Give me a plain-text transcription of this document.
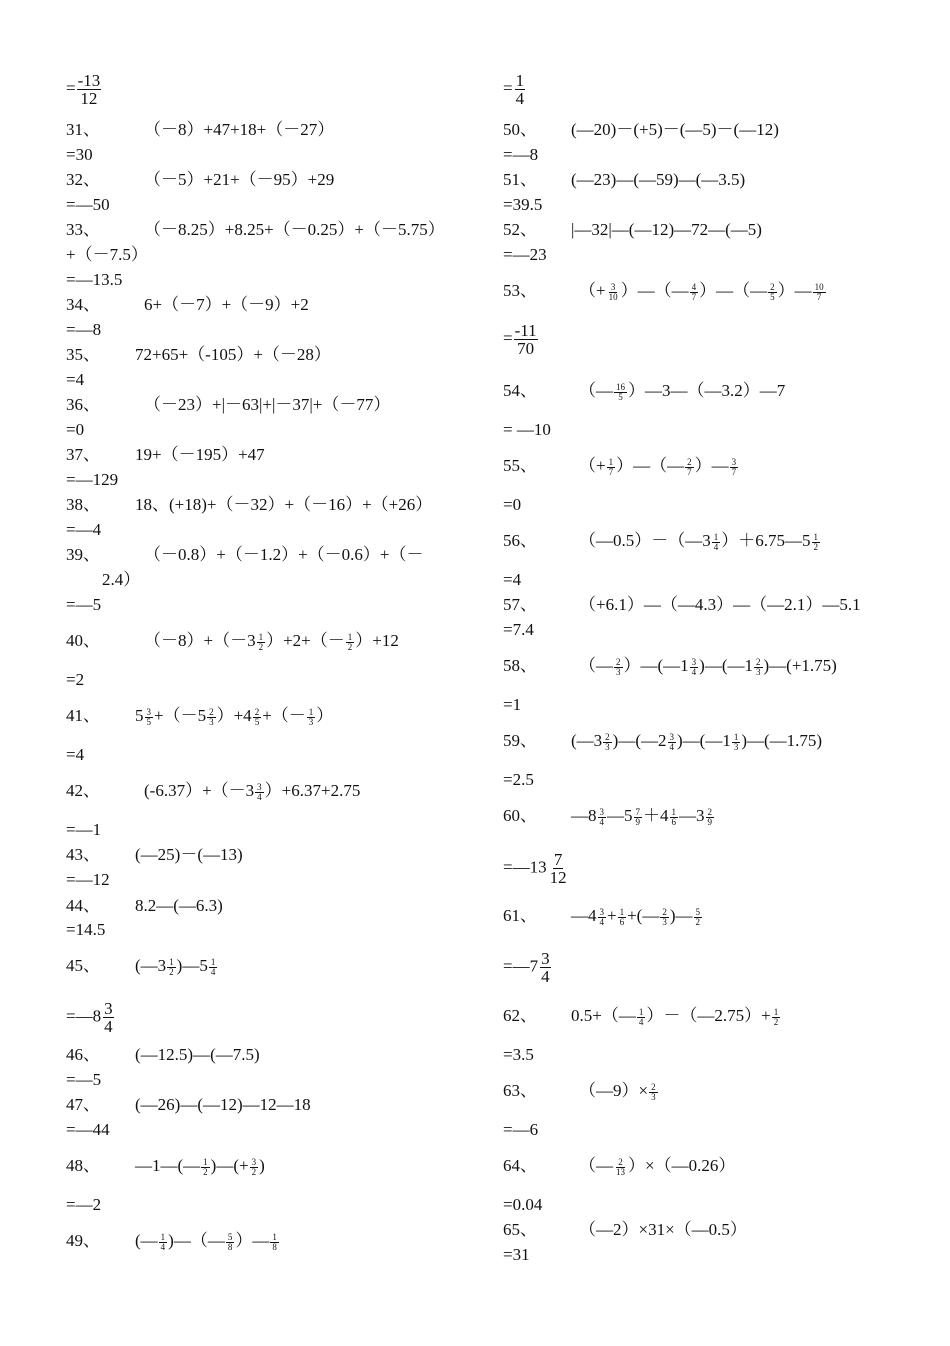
= $\frac{-13}{12}$
31、	（－8）+47+18+（－27）
=30
32、	（－5）+21+（－95）+29
=—50
33、	（－8.25）+8.25+（－0.25）+（－5.75）
+（－7.5）
=—13.5
34、	6+（－7）+（－9）+2
=—8
35、 72+65+（-105）+（－28）
=4
36、	（－23）+|－63|+|－37|+（－77）
=0
37、 19+（－195）+47
=—129
38、 18、(+18)+（－32）+（－16）+（+26）
=—4
39、	（－0.8）+（－1.2）+（－0.6）+（－
2.4）
=—5
40、	$(-8)+(-3 \frac{1}{2} )+2+(- \frac{1}{2} )+12$
=2
41、 $5 \frac{3}{5} +(-5 \frac{2}{3} )+4 \frac{2}{5}$ +（－ $\frac{1}{3}$ ）
=4
42、	$(-6.37)+(-3 \frac{3}{4} )+6.37+2.75$
=—1
43、 (—25)－(—13)
=—12
44、 8.2—(—6.3)
=14.5
45、 (—3 $\frac{1}{2}$ )—5 $\frac{1}{4}$
=—8 $\frac{3}{4}$
46、 (—12.5)—(—7.5)
=—5
47、 (—26)—(—12)—12—18
=—44
48、 —1—(— $\frac{1}{2}$ )—(+ $\frac{3}{2}$ )
=—2
49、 (— $\frac{1}{4}$ )—（— $\frac{5}{8}$ ）— $\frac{1}{8}$
= $\frac{1}{4}$
50、 (—20)－(+5)－(—5)－(—12)
=—8
51、 (—23)—(—59)—(—3.5)
=39.5
52、 |—32|—(—12)—72—(—5)
=—23
53、 （+ $\frac{3}{10}$ ）—（— $\frac{4}{7}$ ）—（— $\frac{2}{5}$ ）— $\frac{10}{7}$
= $\frac{-11}{70}$
54、 （— $\frac{16}{5}$ ）—3—（—3.2）—7
= —10
55、 （+ $\frac{1}{7}$ ）—（— $\frac{2}{7}$ ）— $\frac{3}{7}$
=0
56、 （—0.5）－（—3 $\frac{1}{4}$ ）＋6.75—5 $\frac{1}{2}$
=4
57、 （+6.1）—（—4.3）—（—2.1）—5.1
=7.4
58、 （— $\frac{2}{3}$ ）—(—1 $\frac{3}{4}$ )—(—1 $\frac{2}{3}$ )—(+1.75)
=1
59、 (—3 $\frac{2}{3}$ )—(—2 $\frac{3}{4}$ )—(—1 $\frac{1}{3}$ )—(—1.75)
=2.5
60、 —8 $\frac{3}{4}$ —5 $\frac{7}{9} +4 \frac{1}{6}$ —3 $\frac{2}{9}$
=—13 $\frac{7}{12}$
61、 —4 $\frac{3}{4} + \frac{1}{6}$ +(— $\frac{2}{3}$ )— $\frac{5}{2}$
=—7 $\frac{3}{4}$
62、 0.5+（— $\frac{1}{4}$ ）－（—2.75）+ $\frac{1}{2}$
=3.5
63、 （—9）× $\frac{2}{3}$
=—6
64、 （— $\frac{2}{13}$ ）×（—0.26）
=0.04
65、 （—2）×31×（—0.5）
=31
